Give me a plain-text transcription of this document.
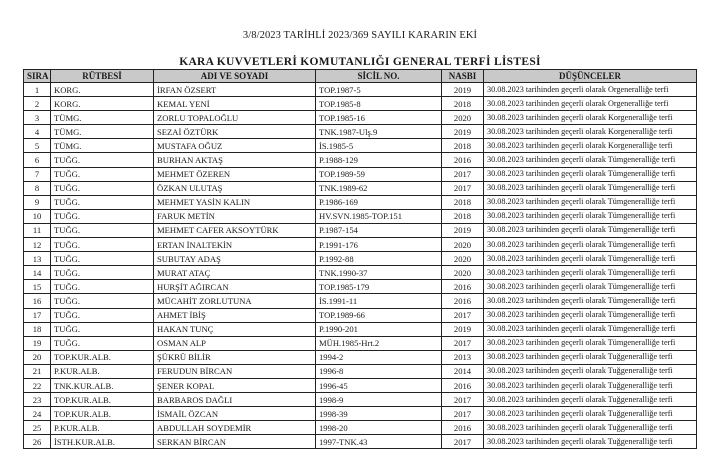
3/8/2023 TARİHLİ 2023/369 SAYILI KARARIN EKİ
KARA KUVVETLERİ KOMUTANLIĞI GENERAL TERFİ LİSTESİ
SIRA	RÜTBESİ	ADI VE SOYADI	SİCİL NO.	NASBI	DÜŞÜNCELER
1	KORG.	İRFAN ÖZSERT	TOP.1987-5	2019	30.08.2023 tarihinden geçerli olarak Orgeneralliğe terfi
2	KORG.	KEMAL YENİ	TOP.1985-8	2018	30.08.2023 tarihinden geçerli olarak Orgeneralliğe terfi
3	TÜMG.	ZORLU TOPALOĞLU	TOP.1985-16	2020	30.08.2023 tarihinden geçerli olarak Korgeneralliğe terfi
4	TÜMG.	SEZAİ ÖZTÜRK	TNK.1987-Ulş.9	2019	30.08.2023 tarihinden geçerli olarak Korgeneralliğe terfi
5	TÜMG.	MUSTAFA OĞUZ	İS.1985-5	2018	30.08.2023 tarihinden geçerli olarak Korgeneralliğe terfi
6	TUĞG.	BURHAN AKTAŞ	P.1988-129	2016	30.08.2023 tarihinden geçerli olarak Tümgeneralliğe terfi
7	TUĞG.	MEHMET ÖZEREN	TOP.1989-59	2017	30.08.2023 tarihinden geçerli olarak Tümgeneralliğe terfi
8	TUĞG.	ÖZKAN ULUTAŞ	TNK.1989-62	2017	30.08.2023 tarihinden geçerli olarak Tümgeneralliğe terfi
9	TUĞG.	MEHMET YASİN KALIN	P.1986-169	2018	30.08.2023 tarihinden geçerli olarak Tümgeneralliğe terfi
10	TUĞG.	FARUK METİN	HV.SVN.1985-TOP.151	2018	30.08.2023 tarihinden geçerli olarak Tümgeneralliğe terfi
11	TUĞG.	MEHMET CAFER AKSOYTÜRK	P.1987-154	2019	30.08.2023 tarihinden geçerli olarak Tümgeneralliğe terfi
12	TUĞG.	ERTAN İNALTEKİN	P.1991-176	2020	30.08.2023 tarihinden geçerli olarak Tümgeneralliğe terfi
13	TUĞG.	SUBUTAY ADAŞ	P.1992-88	2020	30.08.2023 tarihinden geçerli olarak Tümgeneralliğe terfi
14	TUĞG.	MURAT ATAÇ	TNK.1990-37	2020	30.08.2023 tarihinden geçerli olarak Tümgeneralliğe terfi
15	TUĞG.	HURŞİT AĞIRCAN	TOP.1985-179	2016	30.08.2023 tarihinden geçerli olarak Tümgeneralliğe terfi
16	TUĞG.	MÜCAHİT ZORLUTUNA	İS.1991-11	2016	30.08.2023 tarihinden geçerli olarak Tümgeneralliğe terfi
17	TUĞG.	AHMET İBİŞ	TOP.1989-66	2017	30.08.2023 tarihinden geçerli olarak Tümgeneralliğe terfi
18	TUĞG.	HAKAN TUNÇ	P.1990-201	2019	30.08.2023 tarihinden geçerli olarak Tümgeneralliğe terfi
19	TUĞG.	OSMAN ALP	MÜH.1985-Hrt.2	2017	30.08.2023 tarihinden geçerli olarak Tümgeneralliğe terfi
20	TOP.KUR.ALB.	ŞÜKRÜ BİLİR	1994-2	2013	30.08.2023 tarihinden geçerli olarak Tuğgeneralliğe terfi
21	P.KUR.ALB.	FERUDUN BİRCAN	1996-8	2014	30.08.2023 tarihinden geçerli olarak Tuğgeneralliğe terfi
22	TNK.KUR.ALB.	ŞENER KOPAL	1996-45	2016	30.08.2023 tarihinden geçerli olarak Tuğgeneralliğe terfi
23	TOP.KUR.ALB.	BARBAROS DAĞLI	1998-9	2017	30.08.2023 tarihinden geçerli olarak Tuğgeneralliğe terfi
24	TOP.KUR.ALB.	İSMAİL ÖZCAN	1998-39	2017	30.08.2023 tarihinden geçerli olarak Tuğgeneralliğe terfi
25	P.KUR.ALB.	ABDULLAH SOYDEMİR	1998-20	2016	30.08.2023 tarihinden geçerli olarak Tuğgeneralliğe terfi
26	İSTH.KUR.ALB.	SERKAN BİRCAN	1997-TNK.43	2017	30.08.2023 tarihinden geçerli olarak Tuğgeneralliğe terfi
